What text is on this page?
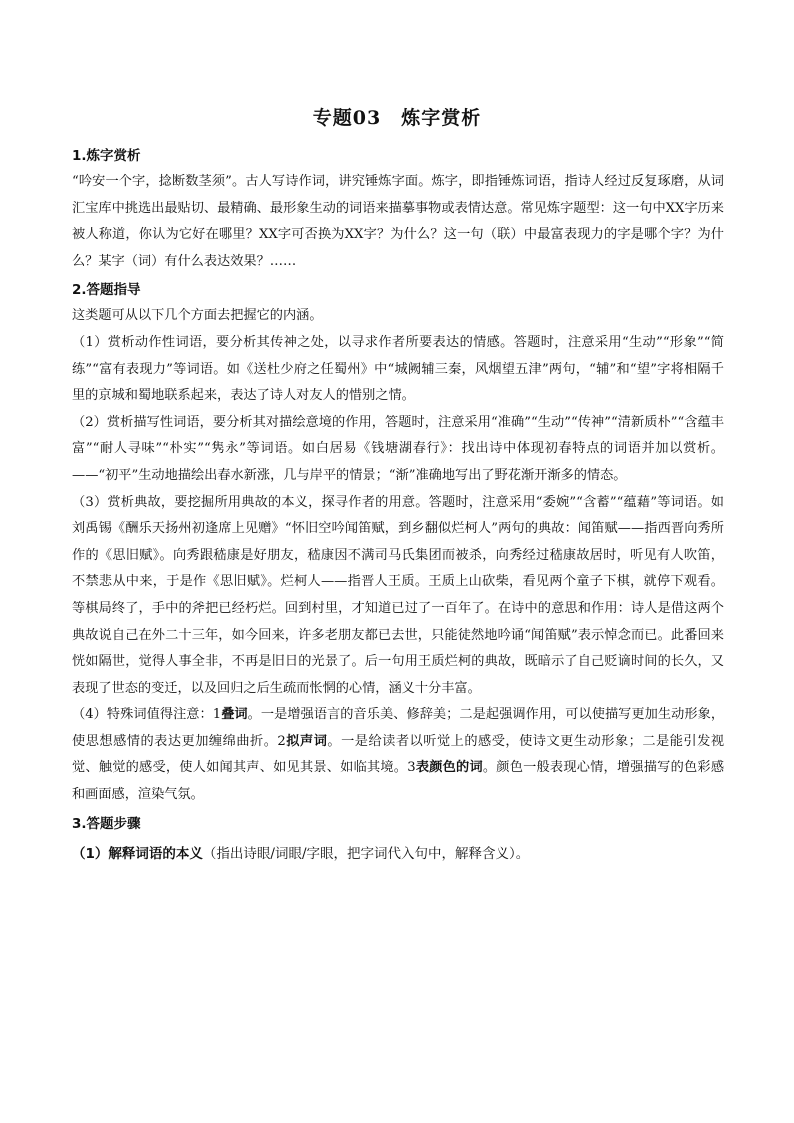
专题03　炼字赏析
1.炼字赏析

“吟安一个字，捻断数茎须”。古人写诗作词，讲究锤炼字面。炼字，即指锤炼词语，指诗人经过反复琢磨，从词汇宝库中挑选出最贴切、最精确、最形象生动的词语来描摹事物或表情达意。常见炼字题型：这一句中XX字历来被人称道，你认为它好在哪里？XX字可否换为XX字？为什么？这一句（联）中最富表现力的字是哪个字？为什么？某字（词）有什么表达效果？……

2.答题指导

这类题可从以下几个方面去把握它的内涵。

（1）赏析动作性词语，要分析其传神之处，以寻求作者所要表达的情感。答题时，注意采用“生动”“形象”“简练”“富有表现力”等词语。如《送杜少府之任蜀州》中“城阙辅三秦，风烟望五津”两句，“辅”和“望”字将相隔千里的京城和蜀地联系起来，表达了诗人对友人的惜别之情。

（2）赏析描写性词语，要分析其对描绘意境的作用，答题时，注意采用“准确”“生动”“传神”“清新质朴”“含蕴丰富”“耐人寻味”“朴实”“隽永”等词语。如白居易《钱塘湖春行》：找出诗中体现初春特点的词语并加以赏析。——“初平”生动地描绘出春水新涨，几与岸平的情景；“渐”准确地写出了野花渐开渐多的情态。

（3）赏析典故，要挖掘所用典故的本义，探寻作者的用意。答题时，注意采用“委婉”“含蓄”“蕴藉”等词语。如刘禹锡《酬乐天扬州初逢席上见赠》“怀旧空吟闻笛赋，到乡翻似烂柯人”两句的典故：闻笛赋——指西晋向秀所作的《思旧赋》。向秀跟嵇康是好朋友，嵇康因不满司马氏集团而被杀，向秀经过嵇康故居时，听见有人吹笛，不禁悲从中来，于是作《思旧赋》。烂柯人——指晋人王质。王质上山砍柴，看见两个童子下棋，就停下观看。等棋局终了，手中的斧把已经朽烂。回到村里，才知道已过了一百年了。在诗中的意思和作用：诗人是借这两个典故说自己在外二十三年，如今回来，许多老朋友都已去世，只能徒然地吟诵“闻笛赋”表示悼念而已。此番回来恍如隔世，觉得人事全非，不再是旧日的光景了。后一句用王质烂柯的典故，既暗示了自己贬谪时间的长久，又表现了世态的变迁，以及回归之后生疏而怅惘的心情，涵义十分丰富。

（4）特殊词值得注意：1叠词。一是增强语言的音乐美、修辞美；二是起强调作用，可以使描写更加生动形象，使思想感情的表达更加缠绵曲折。2拟声词。一是给读者以听觉上的感受，使诗文更生动形象；二是能引发视觉、触觉的感受，使人如闻其声、如见其景、如临其境。3表颜色的词。颜色一般表现心情，增强描写的色彩感和画面感，渲染气氛。

3.答题步骤
（1）解释词语的本义（指出诗眼/词眼/字眼，把字词代入句中，解释含义）。
